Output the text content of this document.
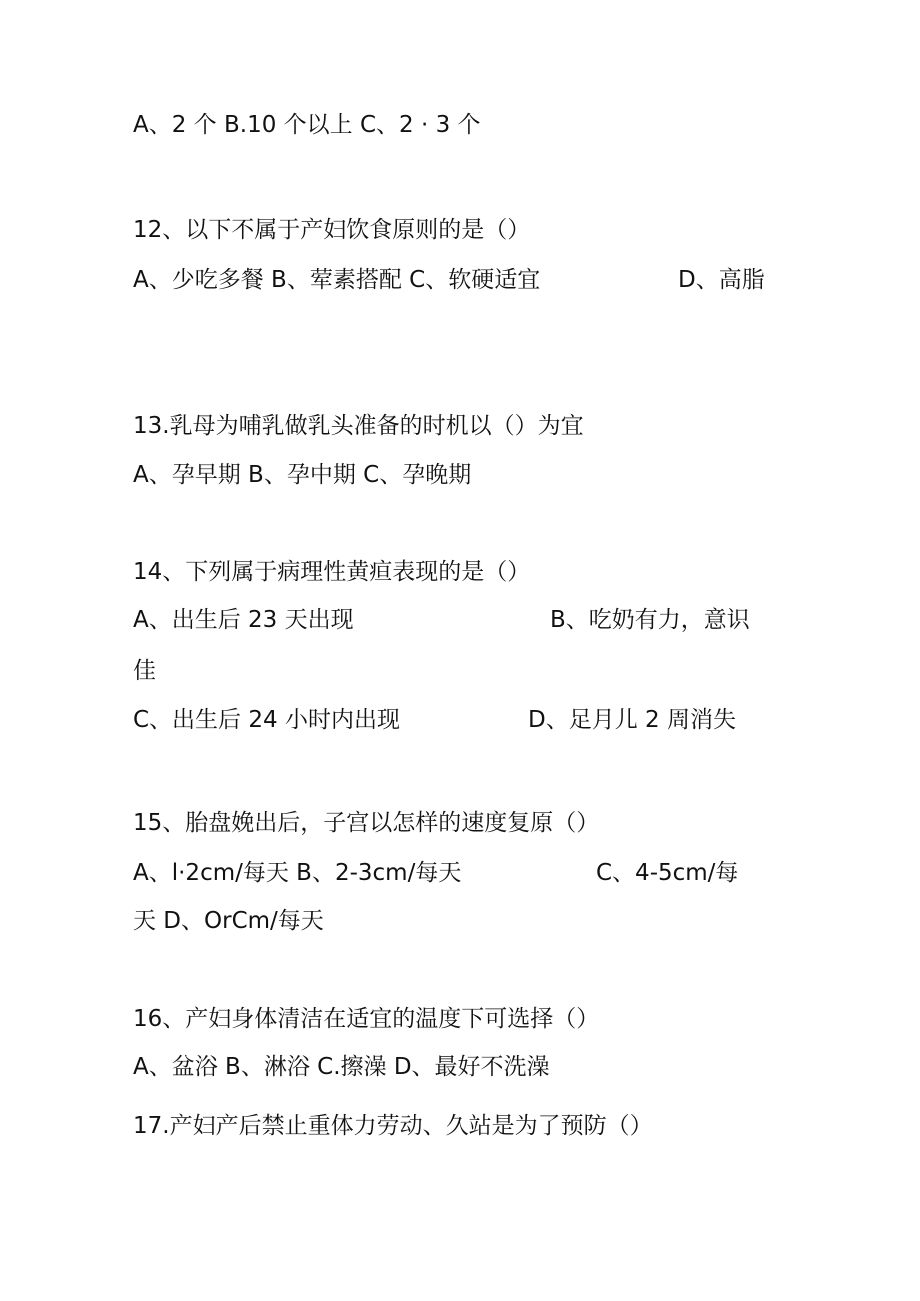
A、2 个 B.10 个以上 C、2 · 3 个
12、以下不属于产妇饮食原则的是（）
A、少吃多餐 B、荤素搭配 C、软硬适宜	D、高脂
13.乳母为哺乳做乳头准备的时机以（）为宜
A、孕早期 B、孕中期 C、孕晚期
14、下列属于病理性黄疸表现的是（）
A、出生后 23 天出现	B、吃奶有力，意识
佳
C、出生后 24 小时内出现	D、足月儿 2 周消失
15、胎盘娩出后，子宫以怎样的速度复原（）
A、l·2cm/每天 B、2-3cm/每天	C、4-5cm/每
天 D、OrCm/每天
16、产妇身体清洁在适宜的温度下可选择（）
A、盆浴 B、淋浴 C.擦澡 D、最好不洗澡
17.产妇产后禁止重体力劳动、久站是为了预防（）
